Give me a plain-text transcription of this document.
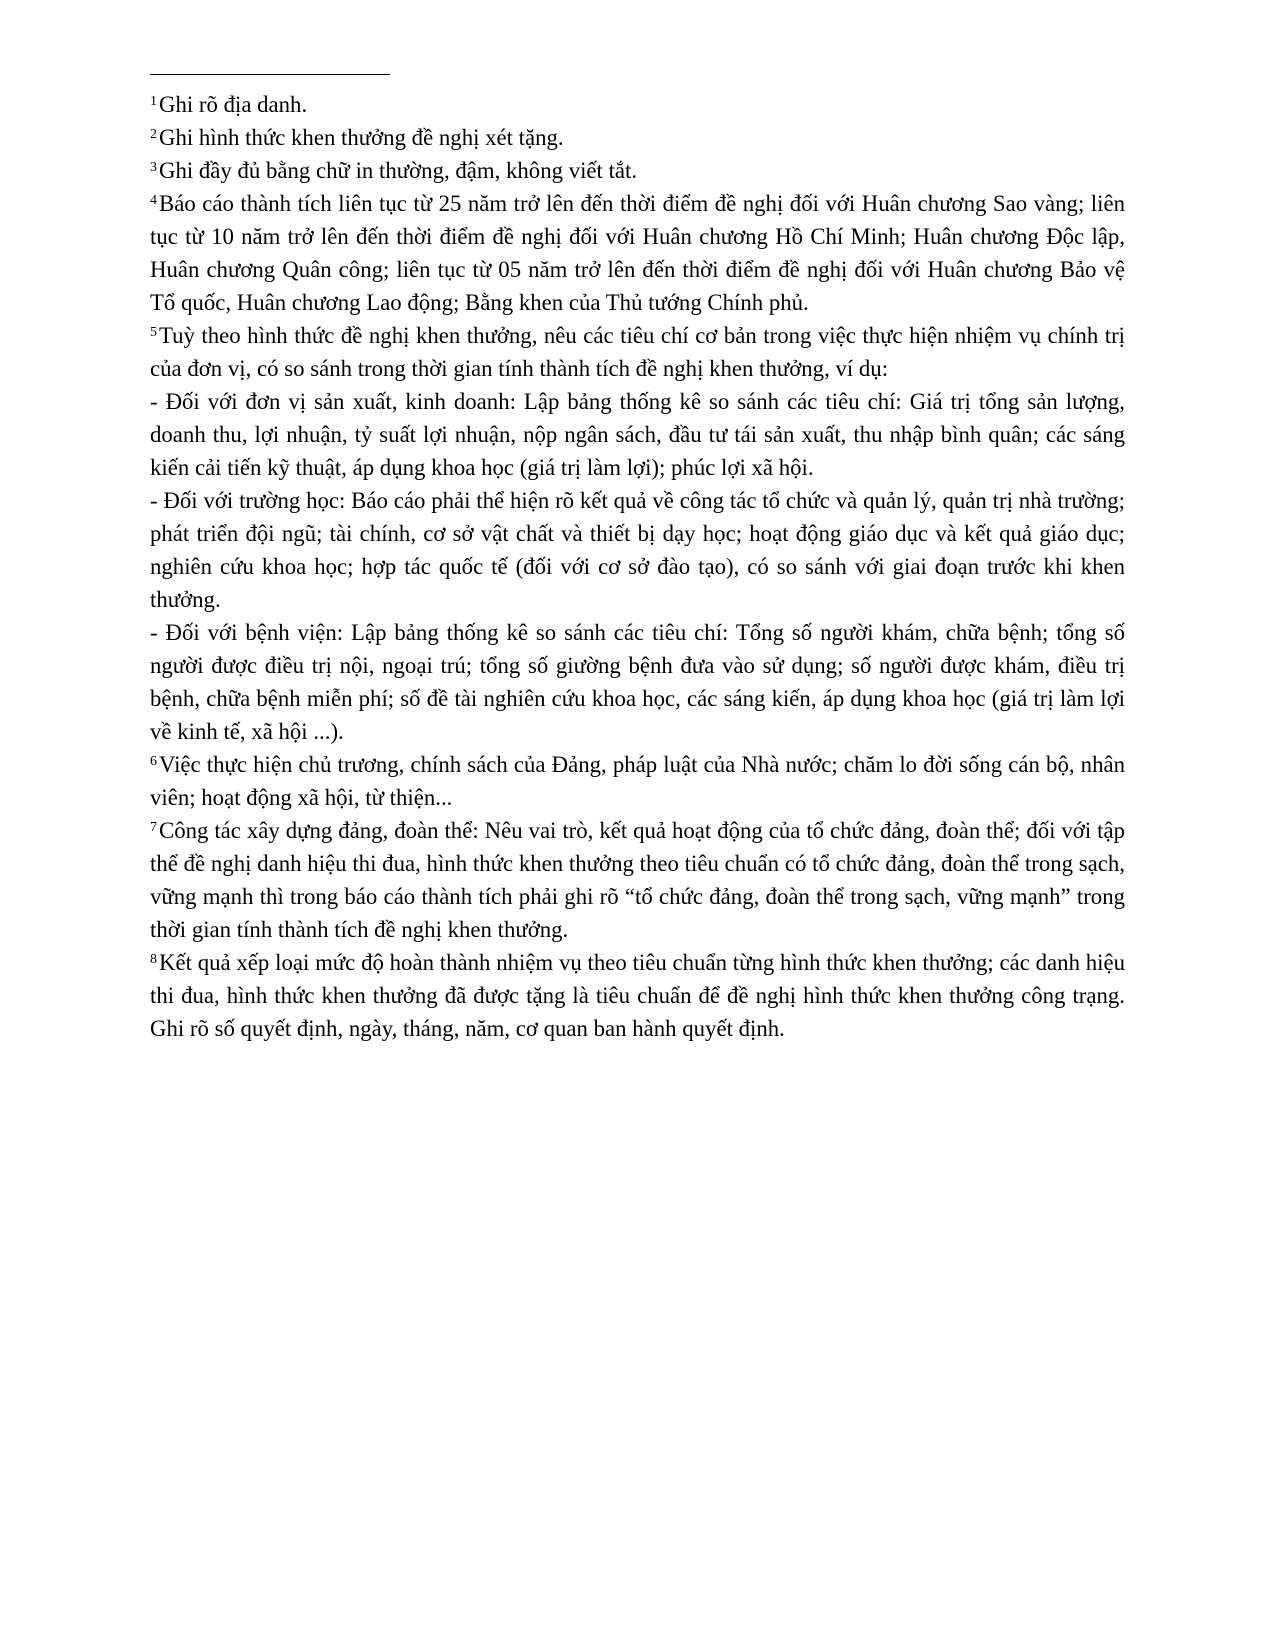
$^1$Ghi rõ địa danh.

$^2$Ghi hình thức khen thưởng đề nghị xét tặng.

$^3$Ghi đầy đủ bằng chữ in thường, đậm, không viết tắt.

$^4$Báo cáo thành tích liên tục từ 25 năm trở lên đến thời điểm đề nghị đối với Huân chương Sao vàng; liên tục từ 10 năm trở lên đến thời điểm đề nghị đối với Huân chương Hồ Chí Minh; Huân chương Độc lập, Huân chương Quân công; liên tục từ 05 năm trở lên đến thời điểm đề nghị đối với Huân chương Bảo vệ Tổ quốc, Huân chương Lao động; Bằng khen của Thủ tướng Chính phủ.

$^5$Tuỳ theo hình thức đề nghị khen thưởng, nêu các tiêu chí cơ bản trong việc thực hiện nhiệm vụ chính trị của đơn vị, có so sánh trong thời gian tính thành tích đề nghị khen thưởng, ví dụ:

- Đối với đơn vị sản xuất, kinh doanh: Lập bảng thống kê so sánh các tiêu chí: Giá trị tổng sản lượng, doanh thu, lợi nhuận, tỷ suất lợi nhuận, nộp ngân sách, đầu tư tái sản xuất, thu nhập bình quân; các sáng kiến cải tiến kỹ thuật, áp dụng khoa học (giá trị làm lợi); phúc lợi xã hội.

- Đối với trường học: Báo cáo phải thể hiện rõ kết quả về công tác tổ chức và quản lý, quản trị nhà trường; phát triển đội ngũ; tài chính, cơ sở vật chất và thiết bị dạy học; hoạt động giáo dục và kết quả giáo dục; nghiên cứu khoa học; hợp tác quốc tế (đối với cơ sở đào tạo), có so sánh với giai đoạn trước khi khen thưởng.

- Đối với bệnh viện: Lập bảng thống kê so sánh các tiêu chí: Tổng số người khám, chữa bệnh; tổng số người được điều trị nội, ngoại trú; tổng số giường bệnh đưa vào sử dụng; số người được khám, điều trị bệnh, chữa bệnh miễn phí; số đề tài nghiên cứu khoa học, các sáng kiến, áp dụng khoa học (giá trị làm lợi về kinh tế, xã hội ...).

$^6$Việc thực hiện chủ trương, chính sách của Đảng, pháp luật của Nhà nước; chăm lo đời sống cán bộ, nhân viên; hoạt động xã hội, từ thiện...

$^7$Công tác xây dựng đảng, đoàn thể: Nêu vai trò, kết quả hoạt động của tổ chức đảng, đoàn thể; đối với tập thể đề nghị danh hiệu thi đua, hình thức khen thưởng theo tiêu chuẩn có tổ chức đảng, đoàn thể trong sạch, vững mạnh thì trong báo cáo thành tích phải ghi rõ “tổ chức đảng, đoàn thể trong sạch, vững mạnh” trong thời gian tính thành tích đề nghị khen thưởng.

$^8$Kết quả xếp loại mức độ hoàn thành nhiệm vụ theo tiêu chuẩn từng hình thức khen thưởng; các danh hiệu thi đua, hình thức khen thưởng đã được tặng là tiêu chuẩn để đề nghị hình thức khen thưởng công trạng. Ghi rõ số quyết định, ngày, tháng, năm, cơ quan ban hành quyết định.
